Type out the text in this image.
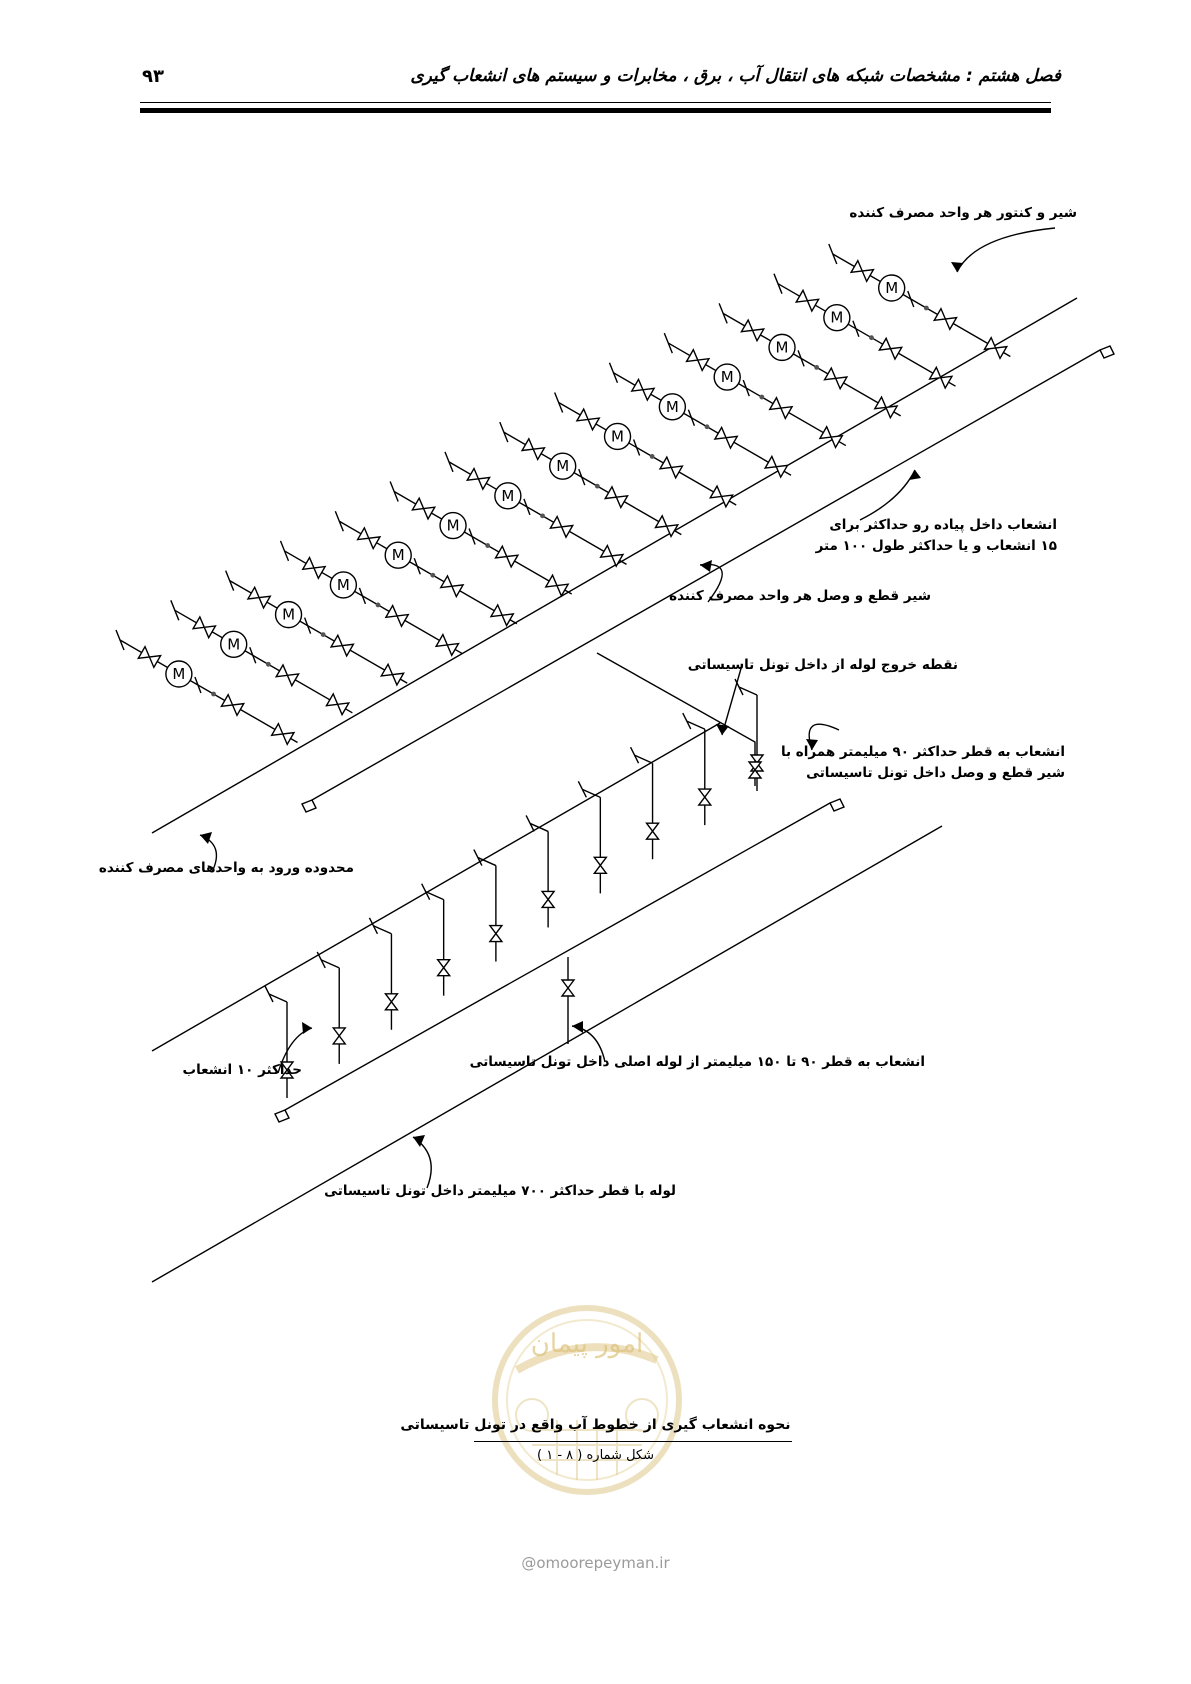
فصل هشتم : مشخصات شبکه های انتقال آب ، برق ، مخابرات و سیستم های انشعاب گیری
۹۳
M
M
M
M
M
M
M
M
M
M
M
M
M
M
شیر و کنتور هر واحد مصرف کننده
انشعاب داخل پیاده رو حداکثر برای
۱۵ انشعاب و یا حداکثر طول ۱۰۰ متر
شیر قطع و وصل هر واحد مصرف کننده
نقطه خروج لوله از داخل تونل تاسیساتی
انشعاب به قطر حداکثر ۹۰ میلیمتر همراه با
شیر قطع و وصل داخل تونل تاسیساتی
محدوده ورود به واحدهای مصرف کننده
حداکثر ۱۰ انشعاب	انشعاب به قطر ۹۰ تا ۱۵۰ میلیمتر از لوله اصلی داخل تونل تاسیساتی
لوله با قطر حداکثر ۷۰۰ میلیمتر داخل تونل تاسیساتی
امور پیمان
نحوه انشعاب گیری از خطوط آب واقع در تونل تاسیساتی
شکل شماره ( ۸ - ۱ )
@omoorepeyman.ir
